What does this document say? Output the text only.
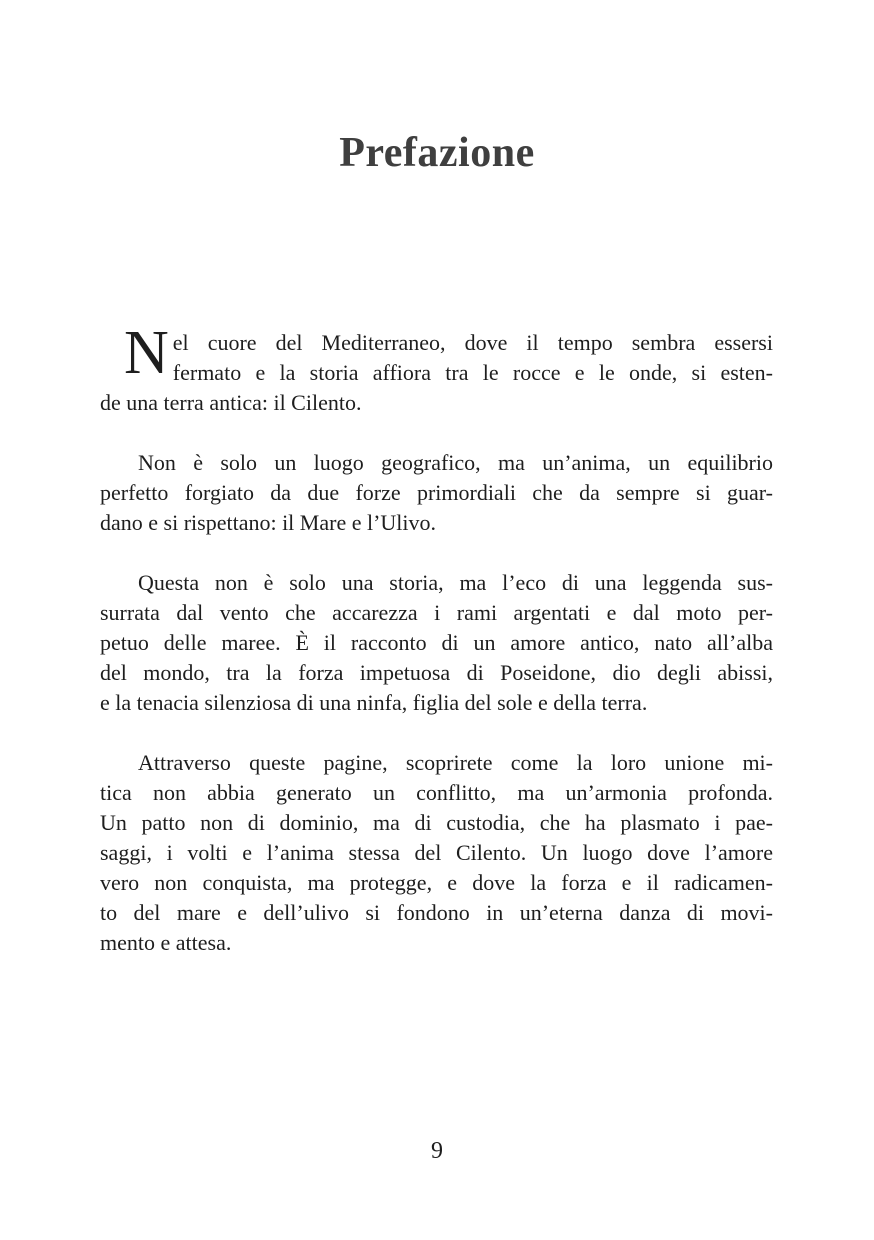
Prefazione
N el cuore del Mediterraneo, dove il tempo sembra essersi
fermato e la storia affiora tra le rocce e le onde, si esten-
de una terra antica: il Cilento.
Non è solo un luogo geografico, ma un’anima, un equilibrio
perfetto forgiato da due forze primordiali che da sempre si guar-
dano e si rispettano: il Mare e l’Ulivo.
Questa non è solo una storia, ma l’eco di una leggenda sus-
surrata dal vento che accarezza i rami argentati e dal moto per-
petuo delle maree. È il racconto di un amore antico, nato all’alba
del mondo, tra la forza impetuosa di Poseidone, dio degli abissi,
e la tenacia silenziosa di una ninfa, figlia del sole e della terra.
Attraverso queste pagine, scoprirete come la loro unione mi-
tica non abbia generato un conflitto, ma un’armonia profonda.
Un patto non di dominio, ma di custodia, che ha plasmato i pae-
saggi, i volti e l’anima stessa del Cilento. Un luogo dove l’amore
vero non conquista, ma protegge, e dove la forza e il radicamen-
to del mare e dell’ulivo si fondono in un’eterna danza di movi-
mento e attesa.
9
